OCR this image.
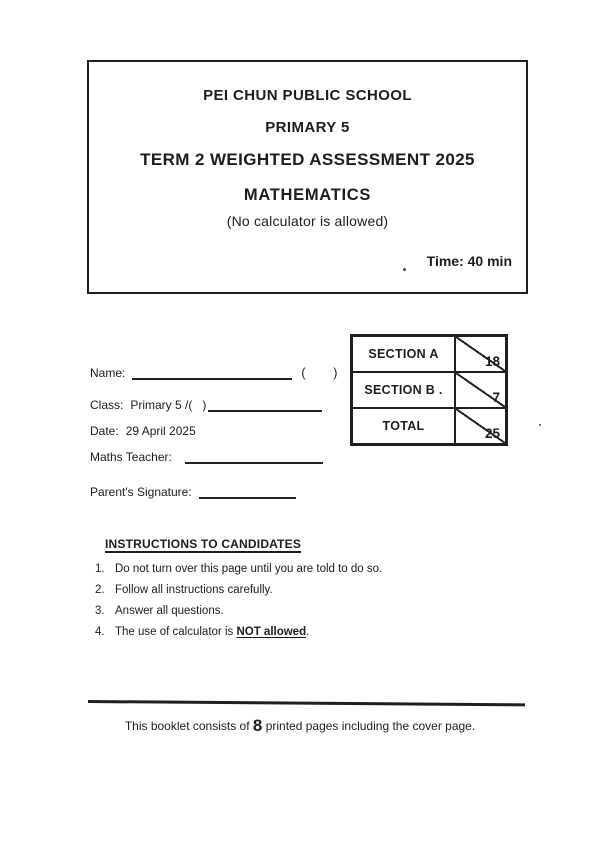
PEI CHUN PUBLIC SCHOOL
PRIMARY 5
TERM 2 WEIGHTED ASSESSMENT 2025
MATHEMATICS
(No calculator is allowed)
Time: 40 min
SECTION A	18
SECTION B .	7
TOTAL	25
Name:	(        )
Class: Primary 5 /(   )
Date: 29 April 2025
Maths Teacher:
Parent's Signature:
INSTRUCTIONS TO CANDIDATES
1. Do not turn over this page until you are told to do so.
2. Follow all instructions carefully.
3. Answer all questions.
4. The use of calculator is NOT allowed.
This booklet consists of 8 printed pages including the cover page.
